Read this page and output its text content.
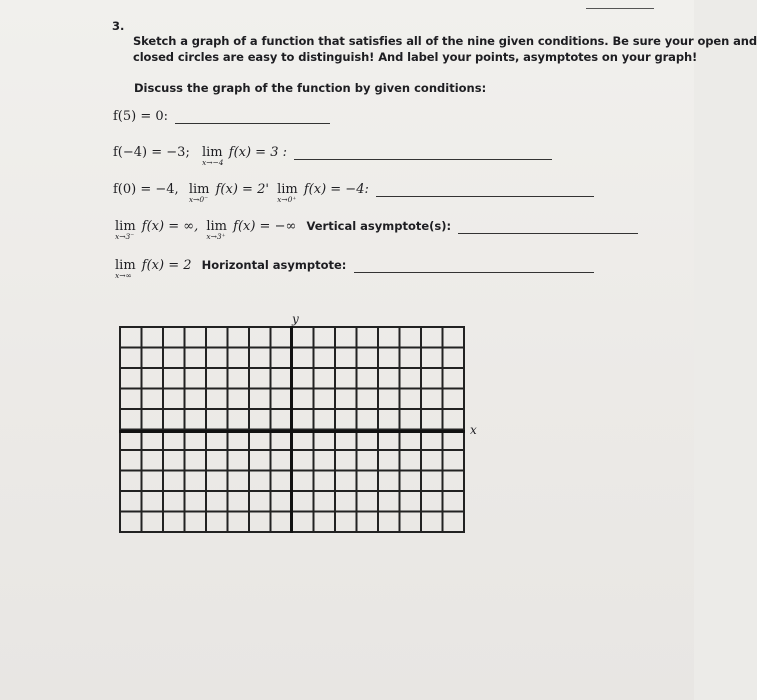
3.
Sketch a graph of a function that satisfies all of the nine given conditions. Be sure your open and
closed circles are easy to distinguish! And label your points, asymptotes on your graph!
Discuss the graph of the function by given conditions:
f(5) = 0:
f(−4) = −3; lim
x→−4
f(x) = 3 :
f(0) = −4, lim
x→0⁻
f(x) = 2' lim
x→0⁺
f(x) = −4:
lim
x→3⁻
f(x) = ∞, lim
x→3⁺
f(x) = −∞ Vertical asymptote(s):
lim
x→∞
f(x) = 2 Horizontal asymptote:
y
x
